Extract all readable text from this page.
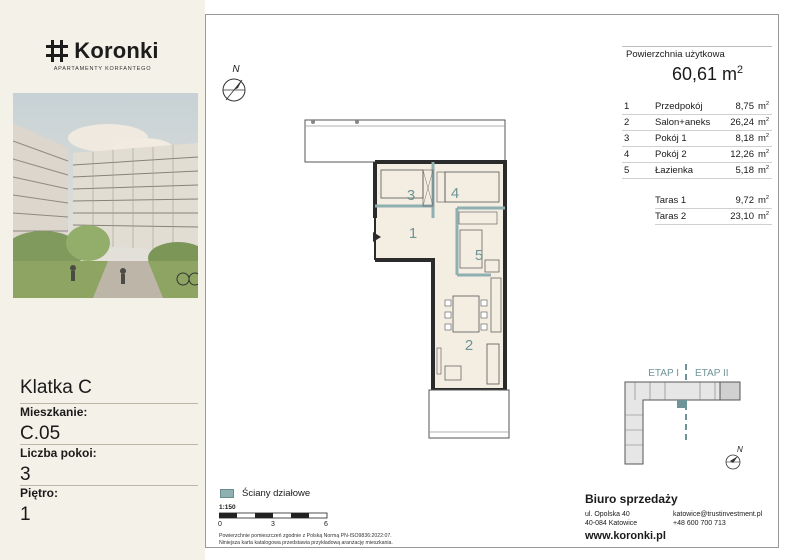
Koronki
APARTAMENTY KORFANTEGO
Klatka C
Mieszkanie:
C.05
Liczba pokoi:
3
Piętro:
1
N
1
2
3 4
5
Powierzchnia użytkowa
60,61 $m^2$
1	Przedpokój	8,75 $m^2$
2	Salon+aneks	26,24 $m^2$
3	Pokój 1	8,18 $m^2$
4	Pokój 2	12,26 $m^2$
5	Łazienka	5,18 $m^2$
Taras 1	9,72 $m^2$
Taras 2	23,10 $m^2$
ETAP I ETAP II
N
Ściany działowe
1:150
0	3	6
Powierzchnie pomieszczeń zgodnie z Polską Normą PN-ISO9836:2022:07.
Niniejsza karta katalogowa przedstawia przykładową aranżację mieszkania.
Biuro sprzedaży
ul. Opolska 40
40-084 Katowice
katowice@trustinvestment.pl
+48 600 700 713
www.koronki.pl
